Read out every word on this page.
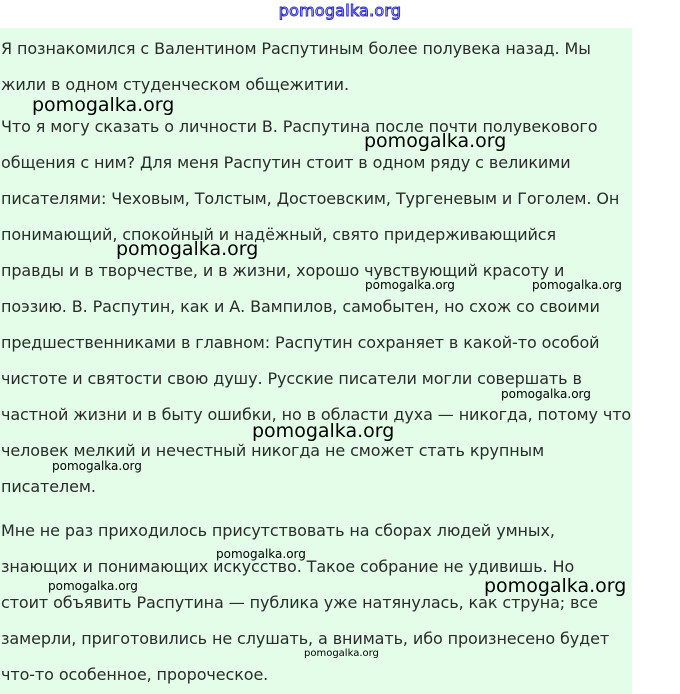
pomogalka.org

Я познакомился с Валентином Распутиным более полувека назад. Мы
жили в одном студенческом общежитии.

Что я могу сказать о личности В. Распутина после почти полувекового
общения с ним? Для меня Распутин стоит в одном ряду с великими
писателями: Чеховым, Толстым, Достоевским, Тургеневым и Гоголем. Он
понимающий, спокойный и надёжный, свято придерживающийся
правды и в творчестве, и в жизни, хорошо чувствующий красоту и
поэзию. В. Распутин, как и А. Вампилов, самобытен, но схож со своими
предшественниками в главном: Распутин сохраняет в какой-то особой
чистоте и святости свою душу. Русские писатели могли совершать в
частной жизни и в быту ошибки, но в области духа — никогда, потому что
человек мелкий и нечестный никогда не сможет стать крупным
писателем.

Мне не раз приходилось присутствовать на сборах людей умных,
знающих и понимающих искусство. Такое собрание не удивишь. Но
стоит объявить Распутина — публика уже натянулась, как струна; все
замерли, приготовились не слушать, а внимать, ибо произнесено будет
что-то особенное, пророческое.

pomogalka.org
pomogalka.org
pomogalka.org
pomogalka.org	pomogalka.org
pomogalka.org
pomogalka.org
pomogalka.org
pomogalka.org
pomogalka.org	pomogalka.org
pomogalka.org
